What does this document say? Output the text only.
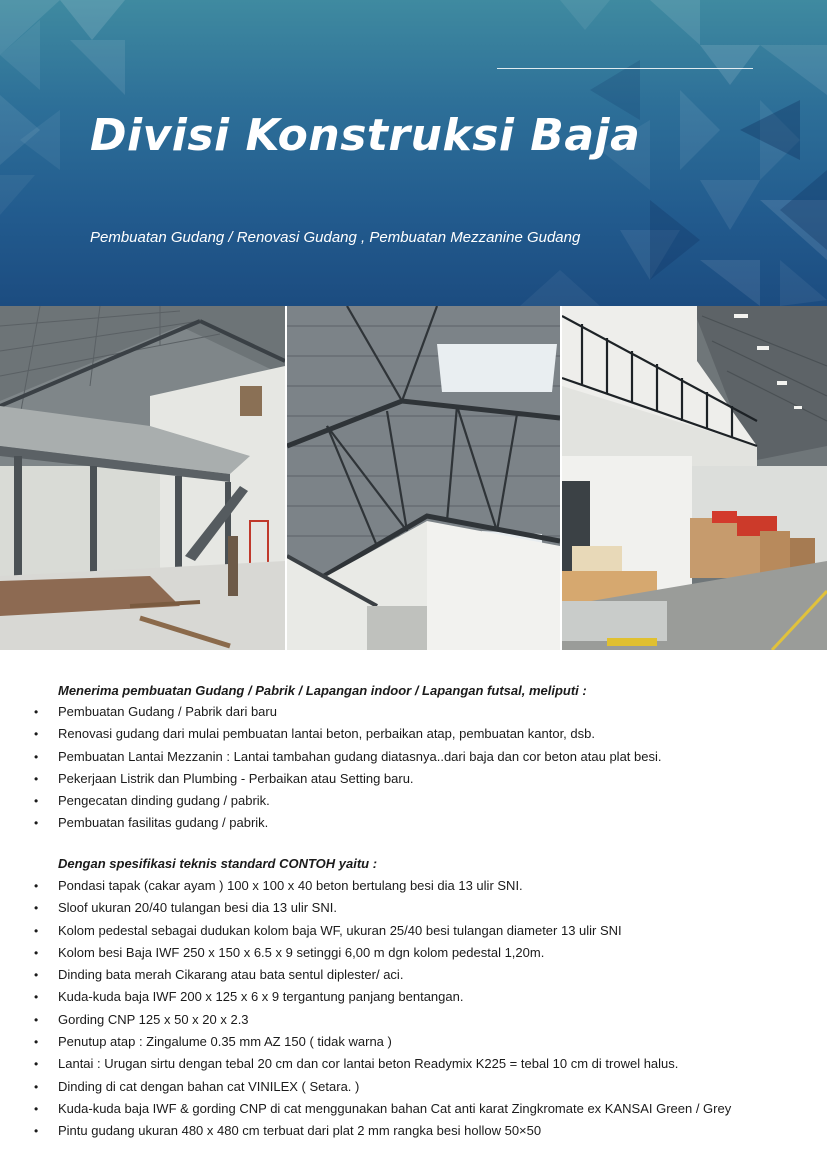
Divisi Konstruksi Baja
Pembuatan Gudang / Renovasi Gudang , Pembuatan Mezzanine Gudang
Menerima pembuatan Gudang / Pabrik / Lapangan indoor / Lapangan futsal, meliputi :
• Pembuatan Gudang / Pabrik dari baru
• Renovasi gudang dari mulai pembuatan lantai beton, perbaikan atap, pembuatan kantor, dsb.
• Pembuatan Lantai Mezzanin : Lantai tambahan gudang diatasnya..dari baja dan cor beton atau plat besi.
• Pekerjaan Listrik dan Plumbing - Perbaikan atau Setting baru.
• Pengecatan dinding gudang / pabrik.
• Pembuatan fasilitas gudang / pabrik.
Dengan spesifikasi teknis standard CONTOH yaitu :
• Pondasi tapak (cakar ayam ) 100 x 100 x 40 beton bertulang besi dia 13 ulir SNI.
• Sloof ukuran 20/40 tulangan besi dia 13 ulir SNI.
• Kolom pedestal sebagai dudukan kolom baja WF, ukuran 25/40 besi tulangan diameter 13 ulir SNI
• Kolom besi Baja IWF 250 x 150 x 6.5 x 9 setinggi 6,00 m dgn kolom pedestal 1,20m.
• Dinding bata merah Cikarang atau bata sentul diplester/ aci.
• Kuda-kuda baja IWF 200 x 125 x 6 x 9 tergantung panjang bentangan.
• Gording CNP 125 x 50 x 20 x 2.3
• Penutup atap : Zingalume 0.35 mm AZ 150 ( tidak warna )
• Lantai : Urugan sirtu dengan tebal 20 cm dan cor lantai beton Readymix K225 = tebal 10 cm di trowel halus.
• Dinding di cat dengan bahan cat VINILEX ( Setara. )
• Kuda-kuda baja IWF & gording CNP di cat menggunakan bahan Cat anti karat Zingkromate ex KANSAI Green / Grey
• Pintu gudang ukuran 480 x 480 cm terbuat dari plat 2 mm rangka besi hollow 50×50
